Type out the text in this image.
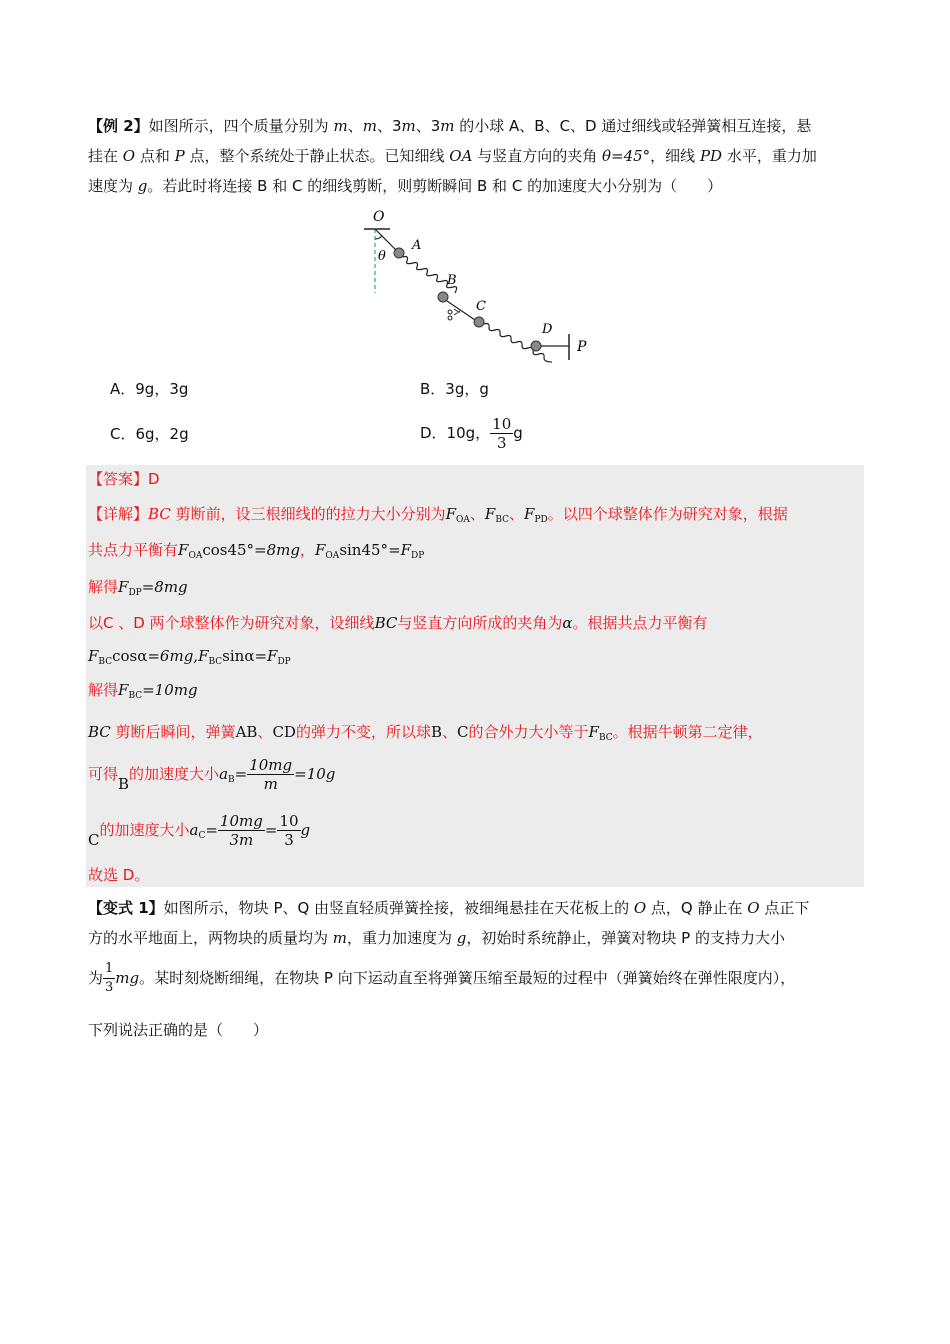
【例 2】如图所示，四个质量分别为 m、m、3m、3m 的小球 A、B、C、D 通过细线或轻弹簧相互连接，悬
挂在 O 点和 P 点，整个系统处于静止状态。已知细线 OA 与竖直方向的夹角 θ=45°，细线 PD 水平，重力加
速度为 g。若此时将连接 B 和 C 的细线剪断，则剪断瞬间 B 和 C 的加速度大小分别为（　　）
O
θ
A
B
C
D
P
A．9g，3g	B．3g，g
C．6g，2g	D．10g， $\frac{10}{3}$ g
【答案】D
【详解】BC 剪断前，设三根细线的的拉力大小分别为$F_{OA}$、$F_{BC}$、$F_{PD}$。以四个球整体作为研究对象，根据
共点力平衡有$F_{OA}\cos 45^\circ=8mg$，$F_{OA}\sin 45^\circ=F_{DP}$
解得$F_{DP}=8mg$
以C 、D 两个球整体作为研究对象，设细线BC与竖直方向所成的夹角为α。根据共点力平衡有
$F_{BC}\cos\alpha=6mg,F_{BC}\sin\alpha=F_{DP}$
解得$F_{BC}=10mg$
BC 剪断后瞬间，弹簧AB、CD的弹力不变，所以球B、C的合外力大小等于$F_{BC}$。根据牛顿第二定律，
可得B的加速度大小$a_B= \frac{10mg}{m} =10g$
C的加速度大小$a_C= \frac{10mg}{3m} = \frac{10}{3}$ g
故选 D。
【变式 1】如图所示，物块 P、Q 由竖直轻质弹簧拴接，被细绳悬挂在天花板上的 O 点，Q 静止在 O 点正下
方的水平地面上，两物块的质量均为 m，重力加速度为 g，初始时系统静止，弹簧对物块 P 的支持力大小
为 $\frac{1}{3}$ mg。某时刻烧断细绳，在物块 P 向下运动直至将弹簧压缩至最短的过程中（弹簧始终在弹性限度内），
下列说法正确的是（　　）
